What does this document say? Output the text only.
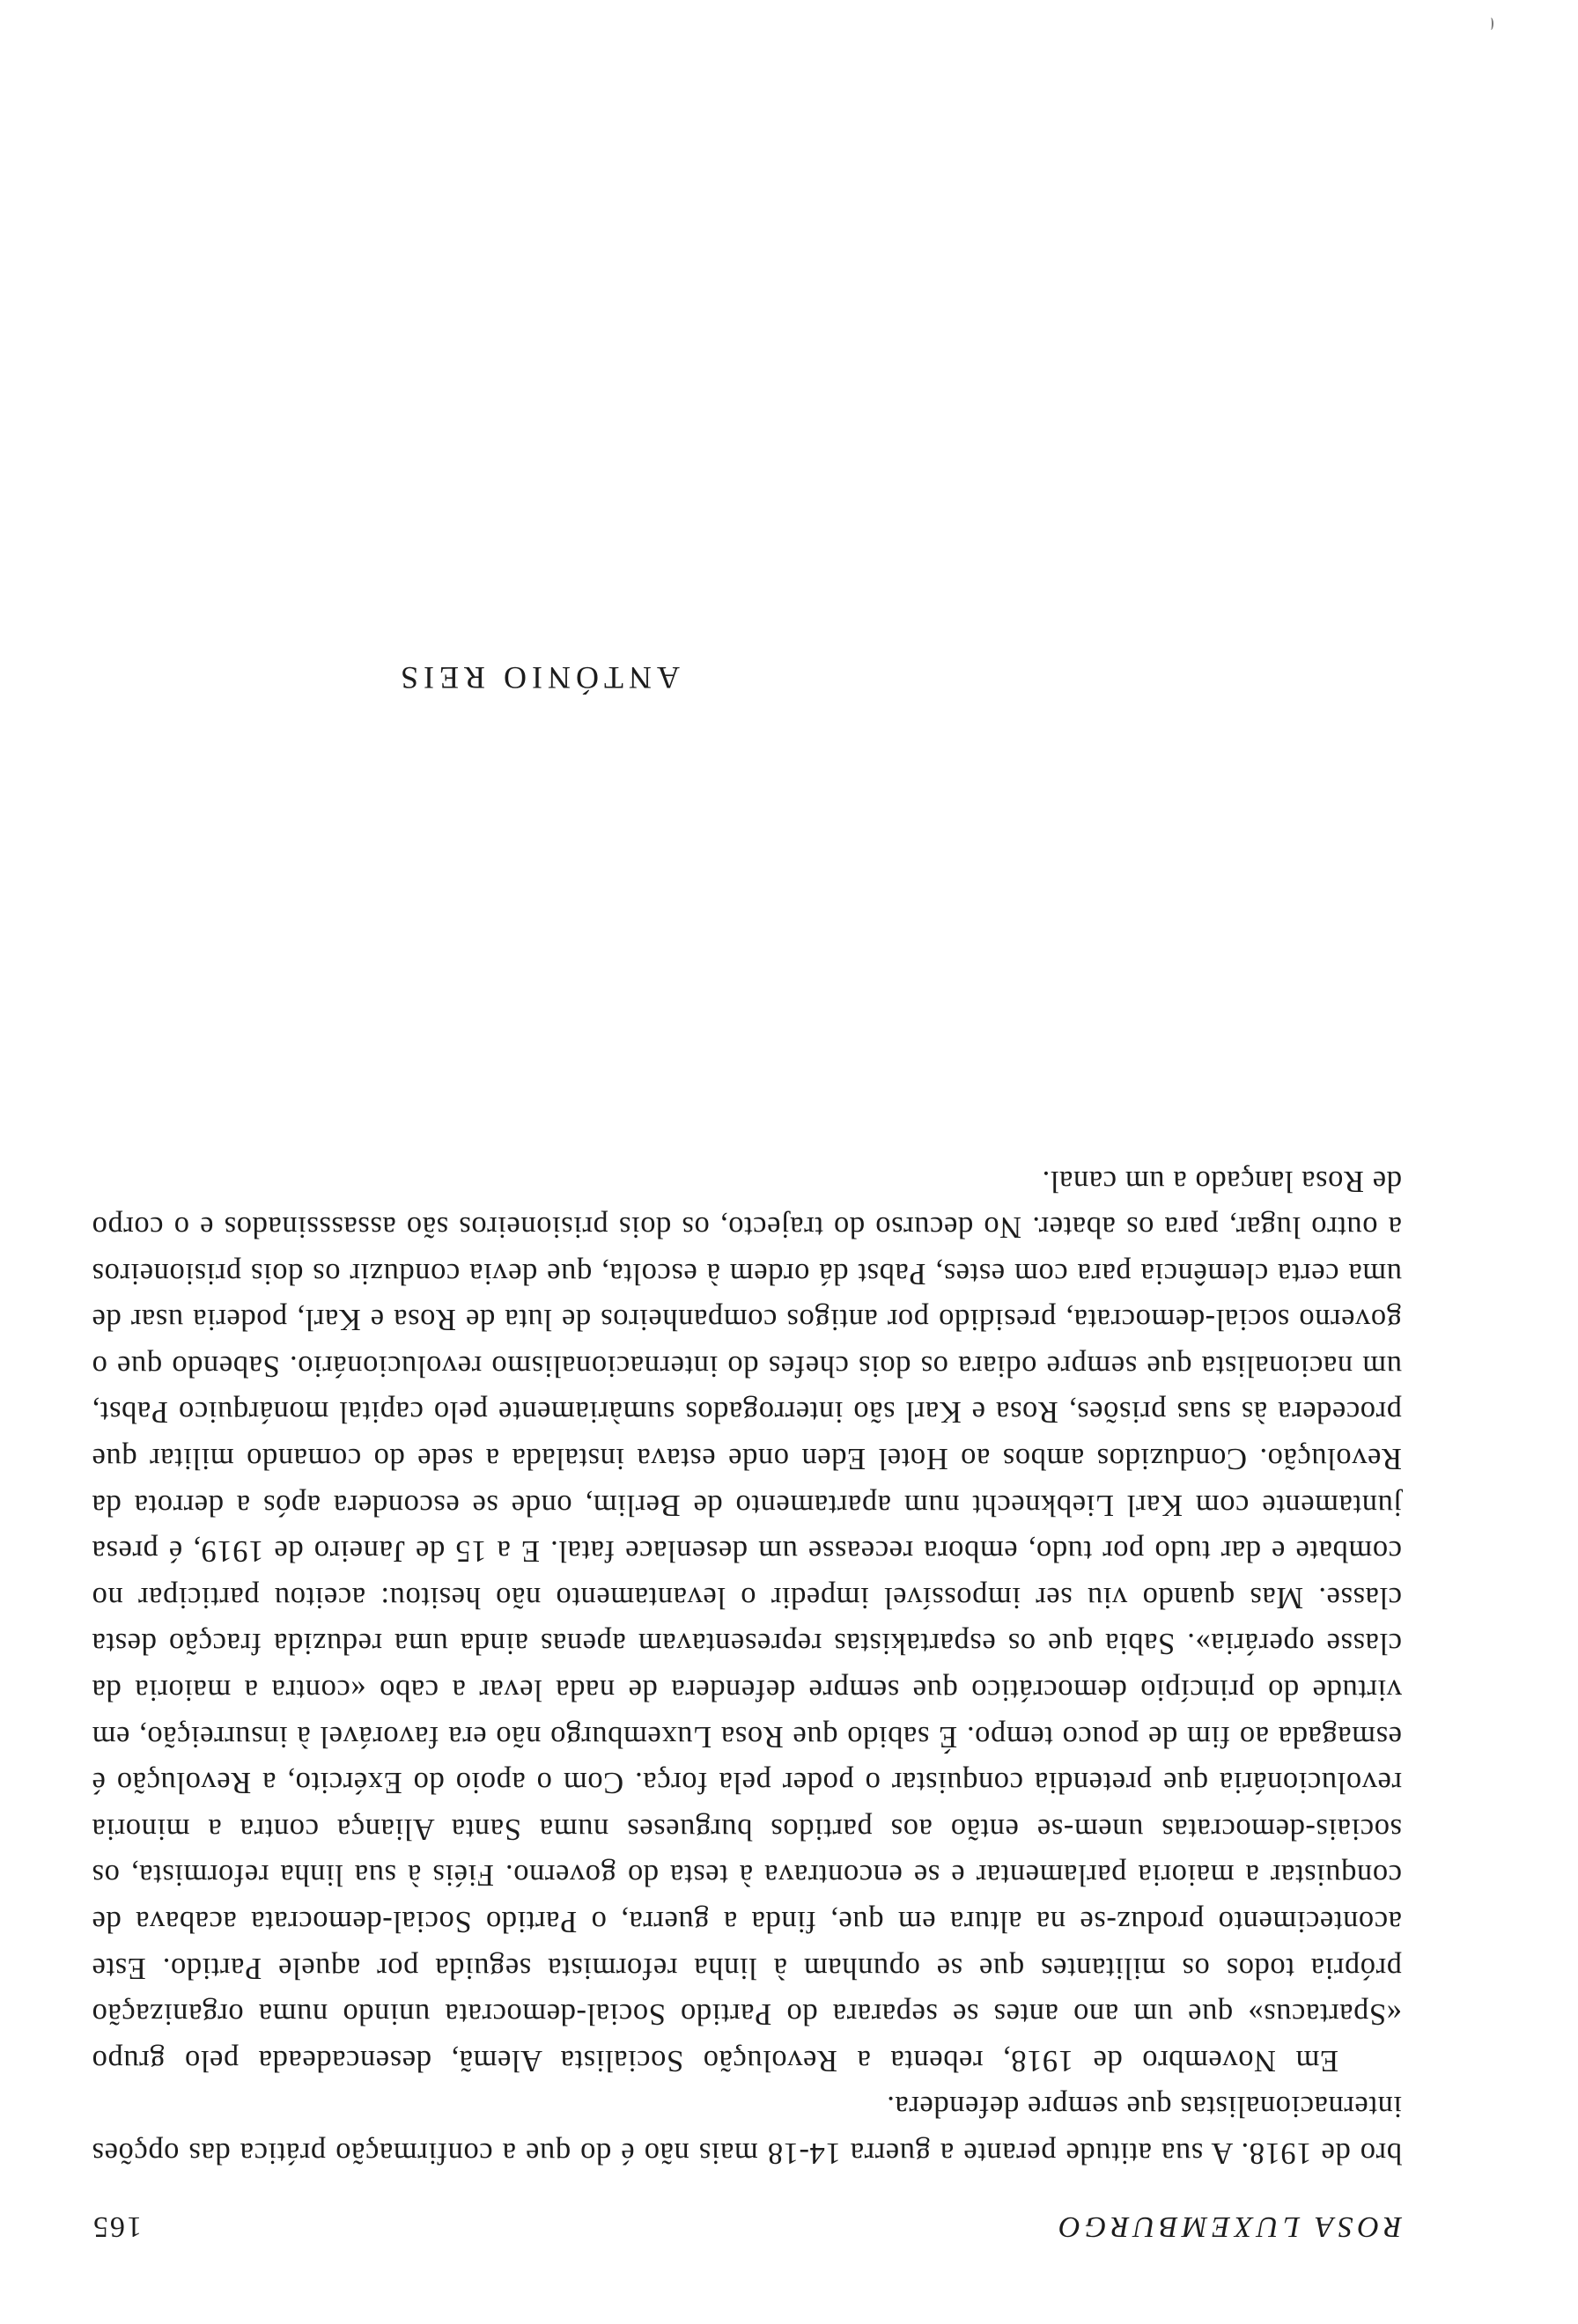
ROSA LUXEMBURGO
165

bro de 1918. A sua atitude perante a guerra 14-18 mais não é do que a confirmação prática das opções internacionalistas que sempre defendera.

Em Novembro de 1918, rebenta a Revolução Socialista Alemã, desencadeada pelo grupo «Spartacus» que um ano antes se separara do Partido Social-democrata unindo numa organização própria todos os militantes que se opunham à linha reformista seguida por aquele Partido. Este acontecimento produz-se na altura em que, finda a guerra, o Partido Social-democrata acabava de conquistar a maioria parlamentar e se encontrava à testa do governo. Fiéis à sua linha reformista, os sociais-democratas unem-se então aos partidos burgueses numa Santa Aliança contra a minoria revolucionária que pretendia conquistar o poder pela força. Com o apoio do Exército, a Revolução é esmagada ao fim de pouco tempo. É sabido que Rosa Luxemburgo não era favorável à insurreição, em virtude do princípio democrático que sempre defendera de nada levar a cabo «contra a maioria da classe operária». Sabia que os espartakistas representavam apenas ainda uma reduzida fracção desta classe. Mas quando viu ser impossível impedir o levantamento não hesitou: aceitou participar no combate e dar tudo por tudo, embora receasse um desenlace fatal. E a 15 de Janeiro de 1919, é presa juntamente com Karl Liebknecht num apartamento de Berlim, onde se escondera após a derrota da Revolução. Conduzidos ambos ao Hotel Eden onde estava instalada a sede do comando militar que procedera às suas prisões, Rosa e Karl são interrogados sumàriamente pelo capital monárquico Pabst, um nacionalista que sempre odiara os dois chefes do internacionalismo revolucionário. Sabendo que o governo social-democrata, presidido por antigos companheiros de luta de Rosa e Karl, poderia usar de uma certa clemência para com estes, Pabst dá ordem à escolta, que devia conduzir os dois prisioneiros a outro lugar, para os abater. No decurso do trajecto, os dois prisioneiros são assasssinados e o corpo de Rosa lançado a um canal.

ANTÓNIO REIS
